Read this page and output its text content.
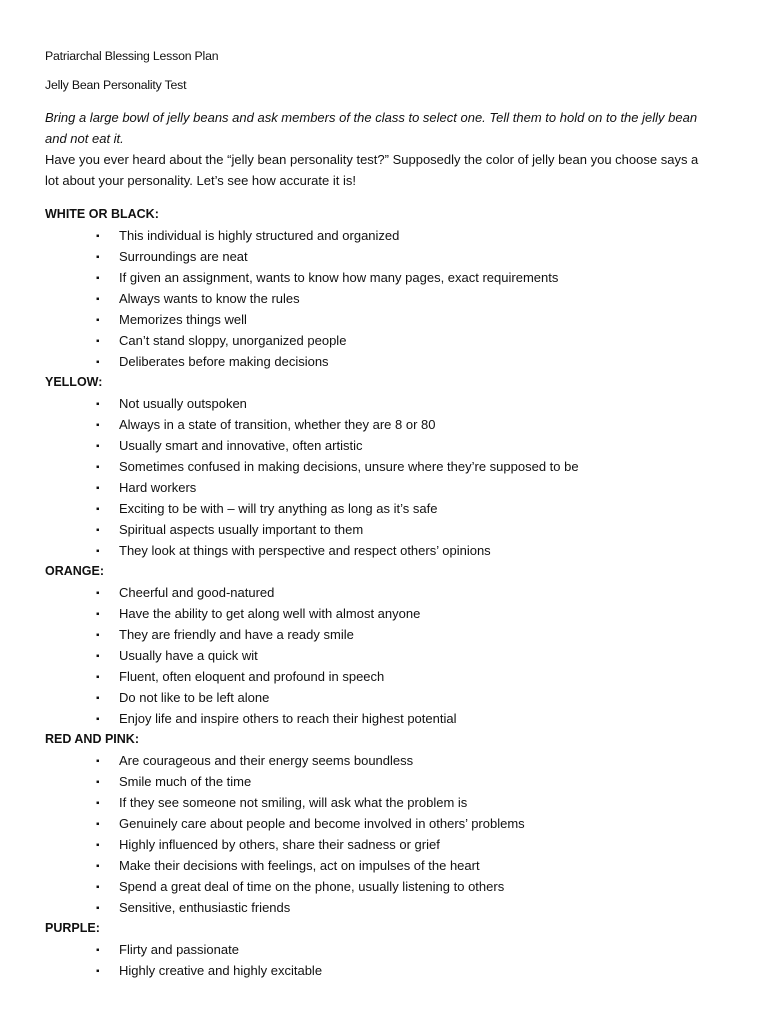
Patriarchal Blessing Lesson Plan

Jelly Bean Personality Test

Bring a large bowl of jelly beans and ask members of the class to select one. Tell them to hold on to the jelly bean and not eat it.

Have you ever heard about the “jelly bean personality test?” Supposedly the color of jelly bean you choose says a lot about your personality. Let’s see how accurate it is!

WHITE OR BLACK:

▪ This individual is highly structured and organized

▪ Surroundings are neat

▪ If given an assignment, wants to know how many pages, exact requirements

▪ Always wants to know the rules

▪ Memorizes things well

▪ Can’t stand sloppy, unorganized people

▪ Deliberates before making decisions

YELLOW:

▪ Not usually outspoken

▪ Always in a state of transition, whether they are 8 or 80

▪ Usually smart and innovative, often artistic

▪ Sometimes confused in making decisions, unsure where they’re supposed to be

▪ Hard workers

▪ Exciting to be with – will try anything as long as it’s safe

▪ Spiritual aspects usually important to them

▪ They look at things with perspective and respect others’ opinions

ORANGE:

▪ Cheerful and good-natured

▪ Have the ability to get along well with almost anyone

▪ They are friendly and have a ready smile

▪ Usually have a quick wit

▪ Fluent, often eloquent and profound in speech

▪ Do not like to be left alone

▪ Enjoy life and inspire others to reach their highest potential

RED AND PINK:

▪ Are courageous and their energy seems boundless

▪ Smile much of the time

▪ If they see someone not smiling, will ask what the problem is

▪ Genuinely care about people and become involved in others’ problems

▪ Highly influenced by others, share their sadness or grief

▪ Make their decisions with feelings, act on impulses of the heart

▪ Spend a great deal of time on the phone, usually listening to others

▪ Sensitive, enthusiastic friends

PURPLE:

▪ Flirty and passionate

▪ Highly creative and highly excitable
